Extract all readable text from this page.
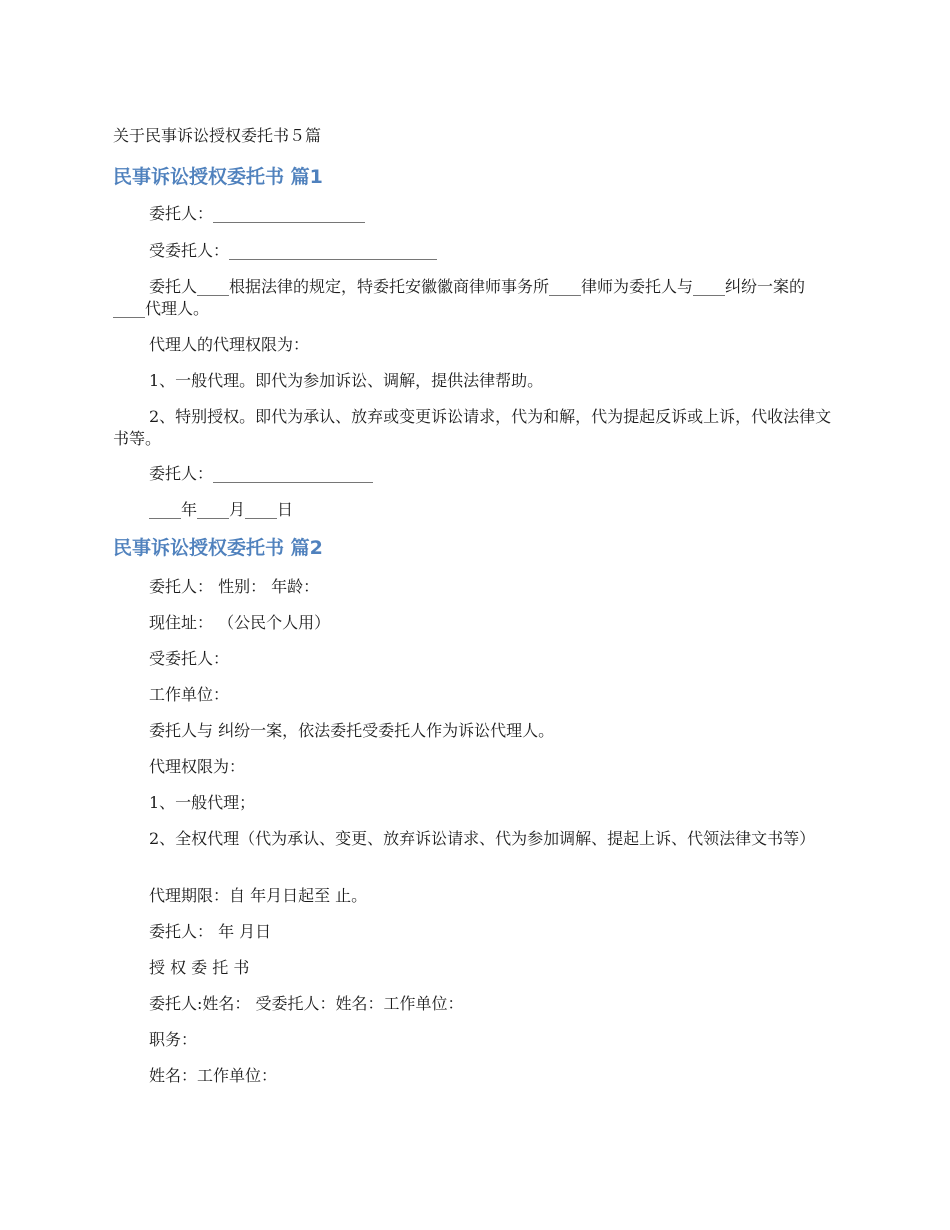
关于民事诉讼授权委托书５篇
民事诉讼授权委托书 篇1
委托人：___________________
受委托人：__________________________
委托人____根据法律的规定，特委托安徽徽商律师事务所____律师为委托人与____纠纷一案的____代理人。
代理人的代理权限为：
1、一般代理。即代为参加诉讼、调解，提供法律帮助。
2、特别授权。即代为承认、放弃或变更诉讼请求，代为和解，代为提起反诉或上诉，代收法律文书等。
委托人：____________________
____年____月____日
民事诉讼授权委托书 篇2
委托人： 性别： 年龄：
现住址： （公民个人用）
受委托人：
工作单位：
委托人与 纠纷一案，依法委托受委托人作为诉讼代理人。
代理权限为：
1、一般代理；
2、全权代理（代为承认、变更、放弃诉讼请求、代为参加调解、提起上诉、代领法律文书等）
代理期限：自 年月日起至 止。
委托人： 年 月日
授 权 委 托 书
委托人:姓名： 受委托人：姓名：工作单位：
职务：
姓名：工作单位：
